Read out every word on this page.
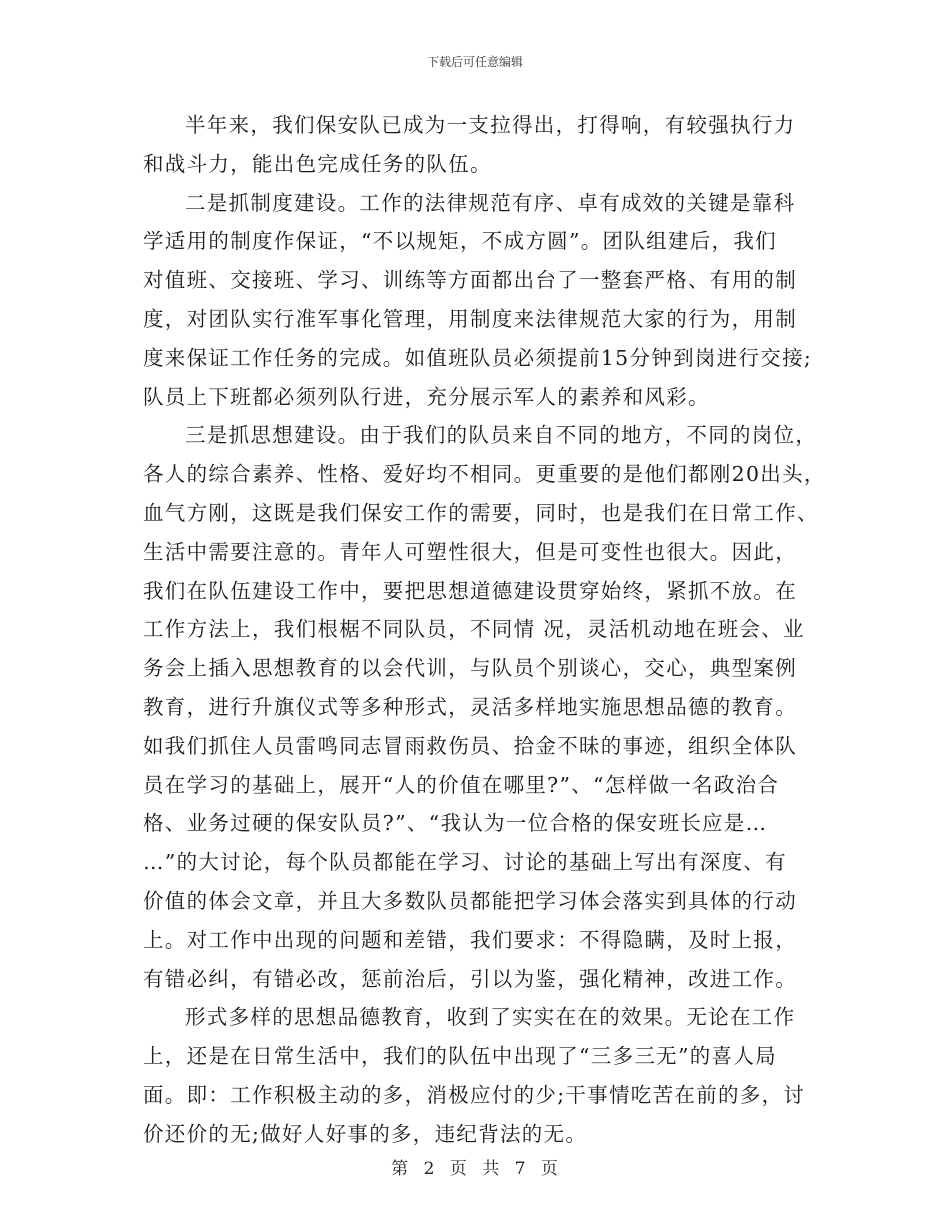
下载后可任意编辑
半年来，我们保安队已成为一支拉得出，打得响，有较强执行力
和战斗力，能出色完成任务的队伍。
二是抓制度建设。工作的法律规范有序、卓有成效的关键是靠科
学适用的制度作保证，“不以规矩，不成方圆”。团队组建后，我们
对值班、交接班、学习、训练等方面都出台了一整套严格、有用的制
度，对团队实行准军事化管理，用制度来法律规范大家的行为，用制
度来保证工作任务的完成。如值班队员必须提前15分钟到岗进行交接;
队员上下班都必须列队行进，充分展示军人的素养和风彩。
三是抓思想建设。由于我们的队员来自不同的地方，不同的岗位，
各人的综合素养、性格、爱好均不相同。更重要的是他们都刚20出头，
血气方刚，这既是我们保安工作的需要，同时，也是我们在日常工作、
生活中需要注意的。青年人可塑性很大，但是可变性也很大。因此，
我们在队伍建设工作中，要把思想道德建设贯穿始终，紧抓不放。在
工作方法上，我们根椐不同队员，不同情 况，灵活机动地在班会、业
务会上插入思想教育的以会代训，与队员个别谈心，交心，典型案例
教育，进行升旗仪式等多种形式，灵活多样地实施思想品德的教育。
如我们抓住人员雷鸣同志冒雨救伤员、拾金不昧的事迹，组织全体队
员在学习的基础上，展开“人的价值在哪里?”、“怎样做一名政治合
格、业务过硬的保安队员?”、“我认为一位合格的保安班长应是…
…”的大讨论，每个队员都能在学习、讨论的基础上写出有深度、有
价值的体会文章，并且大多数队员都能把学习体会落实到具体的行动
上。对工作中出现的问题和差错，我们要求：不得隐瞒，及时上报，
有错必纠，有错必改，惩前治后，引以为鉴，强化精神，改进工作。
形式多样的思想品德教育，收到了实实在在的效果。无论在工作
上，还是在日常生活中，我们的队伍中出现了“三多三无”的喜人局
面。即：工作积极主动的多，消极应付的少;干事情吃苦在前的多，讨
价还价的无;做好人好事的多，违纪背法的无。
第 2 页 共 7 页
